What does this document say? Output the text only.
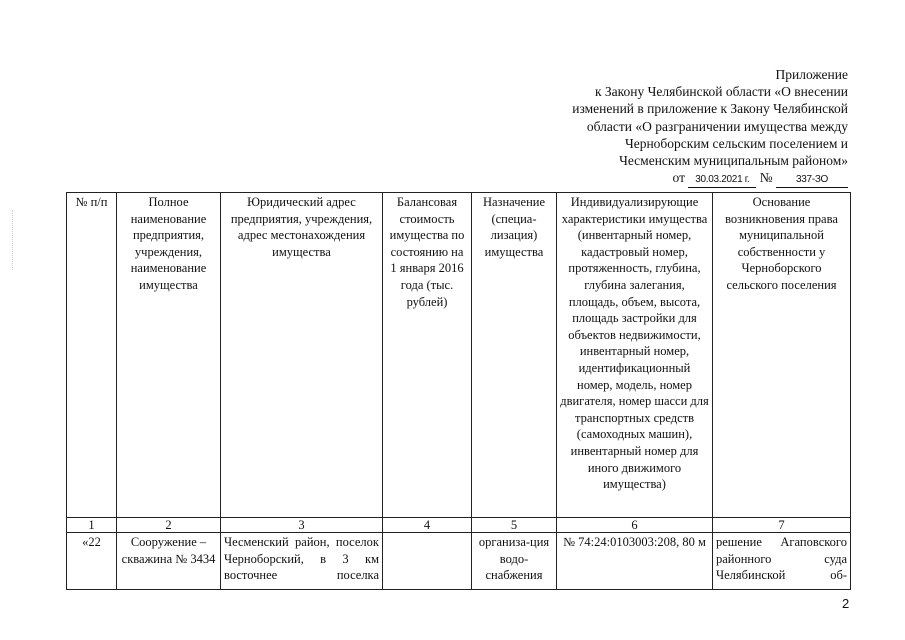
Приложение
к Закону Челябинской области «О внесении
изменений в приложение к Закону Челябинской
области «О разграничении имущества между
Черноборским сельским поселением и
Чесменским муниципальным районом»
от 30.03.2021 г. № 337-ЗО
№ п/п	Полное наименование предприятия, учреждения, наименование имущества	Юридический адрес предприятия, учреждения, адрес местонахождения имущества	Балансовая стоимость имущества по состоянию на 1 января 2016 года (тыс. рублей)	Назначение (специа-лизация) имущества	Индивидуализирующие характеристики имущества (инвентарный номер, кадастровый номер, протяженность, глубина, глубина залегания, площадь, объем, высота, площадь застройки для объектов недвижимости, инвентарный номер, идентификационный номер, модель, номер двигателя, номер шасси для транспортных средств (самоходных машин), инвентарный номер для иного движимого имущества)	Основание возникновения права муниципальной собственности у Черноборского сельского поселения
1	2	3	4	5	6	7
«22	Сооружение – скважина № 3434	Чесменский район, поселок Черноборский, в 3 км восточнее поселка		организа-ция водо-снабжения	№ 74:24:0103003:208, 80 м	решение Агаповского районного суда Челябинской об-
2
